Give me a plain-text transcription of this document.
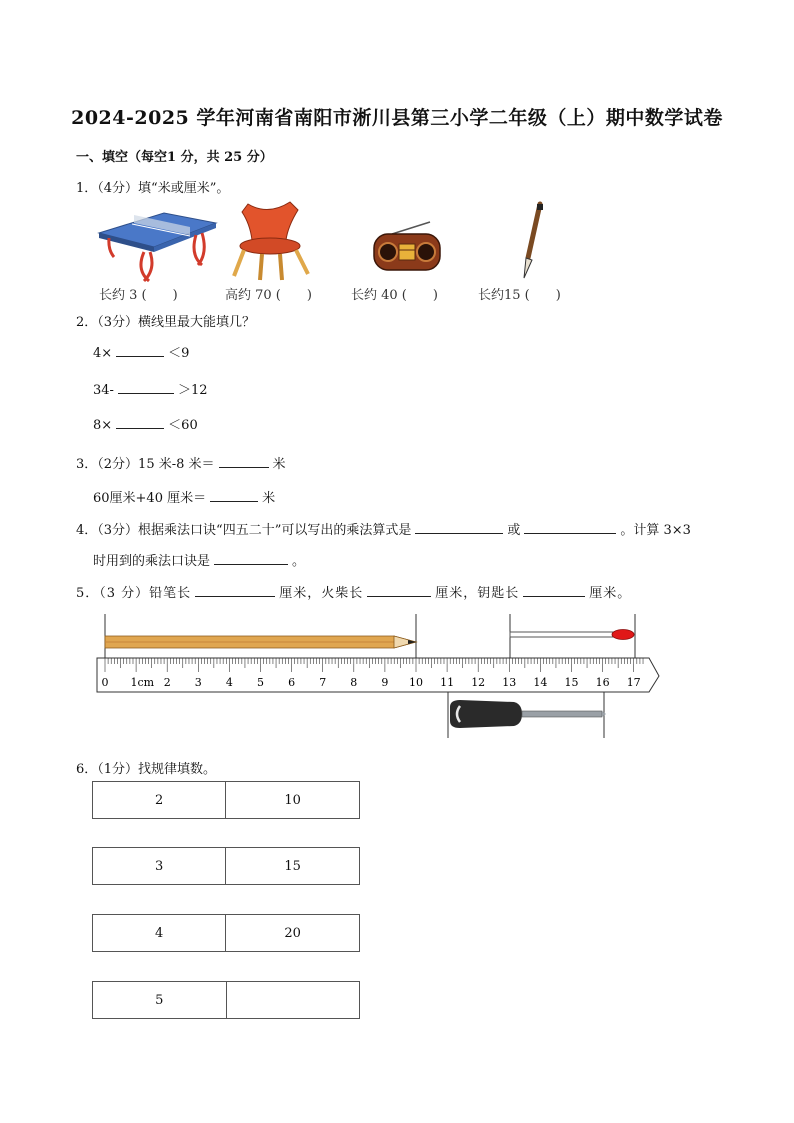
2024-2025 学年河南省南阳市淅川县第三小学二年级（上）期中数学试卷
一、填空（每空1 分，共 25 分）
1．（4分）填“米或厘米”。
长约 3 (　　)	高约 70 (　　)	长约 40 (　　)	长约15 (　　)
2．（3分）横线里最大能填几？
4×	＜9
34-	＞12
8×	＜60
3．（2分）15 米-8 米＝	米
60厘米+40 厘米＝	米
4．（3分）根据乘法口诀“四五二十”可以写出的乘法算式是	或	。计算 3×3
时用到的乘法口诀是	。
5．（3 分）铅笔长	厘米，火柴长	厘米，钥匙长	厘米。
0	2 3 4 5 6 7 8 9 10 11 12 13 14 15 16 17
1cm
6．（1分）找规律填数。
2	10
3	15
4	20
5	
